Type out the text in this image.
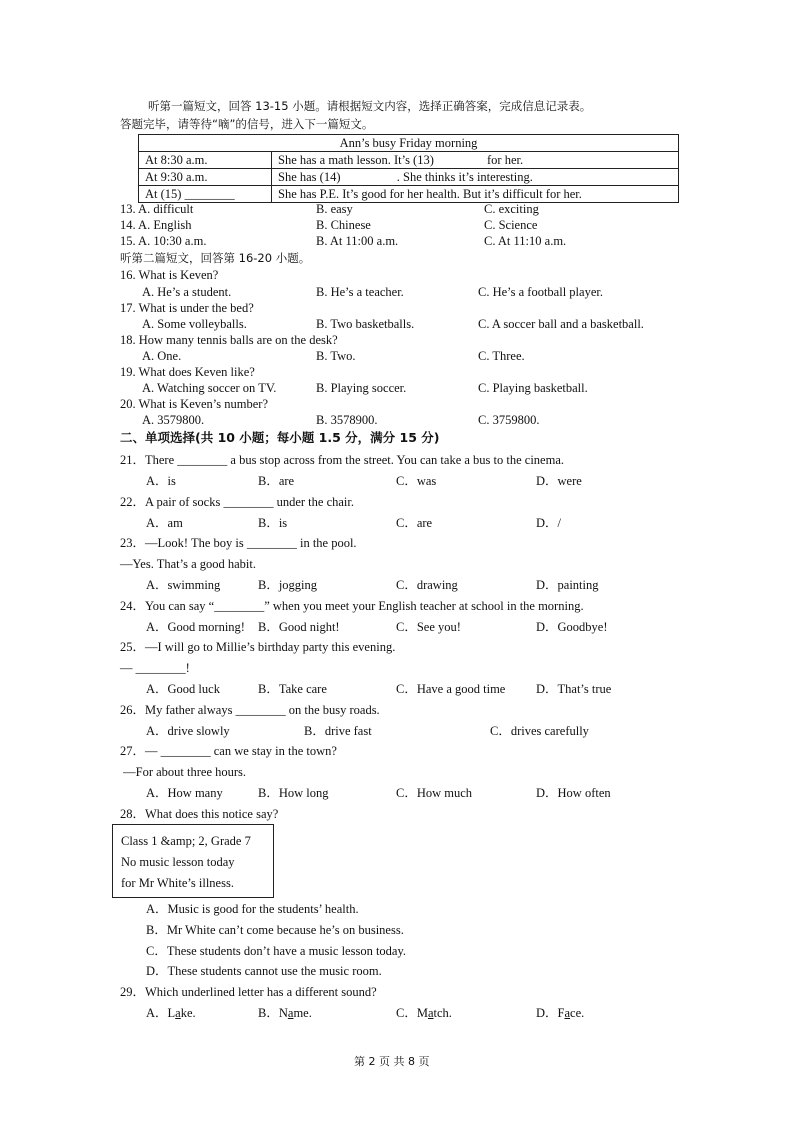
听第一篇短文，回答 13-15 小题。请根据短文内容，选择正确答案，完成信息记录表。
答题完毕，请等待“嘀”的信号，进入下一篇短文。
Ann’s busy Friday morning	
At 8:30 a.m.	She has a math lesson. It’s (13)                 for her.
At 9:30 a.m.	She has (14)                  . She thinks it’s interesting.
At (15) ________	She has P.E. It’s good for her health. But it’s difficult for her.
13. A. difficult	B. easy	C. exciting
14. A. English	B. Chinese	C. Science
15. A. 10:30 a.m.	B. At 11:00 a.m.	C. At 11:10 a.m.
听第二篇短文，回答第 16-20 小题。
16. What is Keven?
A. He’s a student.	B. He’s a teacher.	C. He’s a football player.
17. What is under the bed?
A. Some volleyballs.	B. Two basketballs.	C. A soccer ball and a basketball.
18. How many tennis balls are on the desk?
A. One.	B. Two.	C. Three.
19. What does Keven like?
A. Watching soccer on TV.	B. Playing soccer.	C. Playing basketball.
20. What is Keven’s number?
A. 3579800.	B. 3578900.	C. 3759800.
二、单项选择(共 10 小题；每小题 1.5 分，满分 15 分)
21．There ________ a bus stop across from the street. You can take a bus to the cinema.
A．is	B．are	C．was	D．were
22．A pair of socks ________ under the chair.
A．am	B．is	C．are	D．/
23．—Look! The boy is ________ in the pool.
—Yes. That’s a good habit.
A．swimming	B．jogging	C．drawing	D．painting
24．You can say “________” when you meet your English teacher at school in the morning.
A．Good morning! B．Good night!	C．See you!	D．Goodbye!
25．—I will go to Millie’s birthday party this evening.
— ________!
A．Good luck	B．Take care	C．Have a good time D．That’s true
26．My father always ________ on the busy roads.
A．drive slowly	B．drive fast	C．drives carefully
27．— ________ can we stay in the town?
—For about three hours.
A．How many	B．How long	C．How much	D．How often
28．What does this notice say?
Class 1 &amp; 2, Grade 7
No music lesson today
for Mr White’s illness.
A．Music is good for the students’ health.
B．Mr White can’t come because he’s on business.
C．These students don’t have a music lesson today.
D．These students cannot use the music room.
29．Which underlined letter has a different sound?
A．Lake.	B．Name.	C．Match.	D．Face.
第 2 页 共 8 页
